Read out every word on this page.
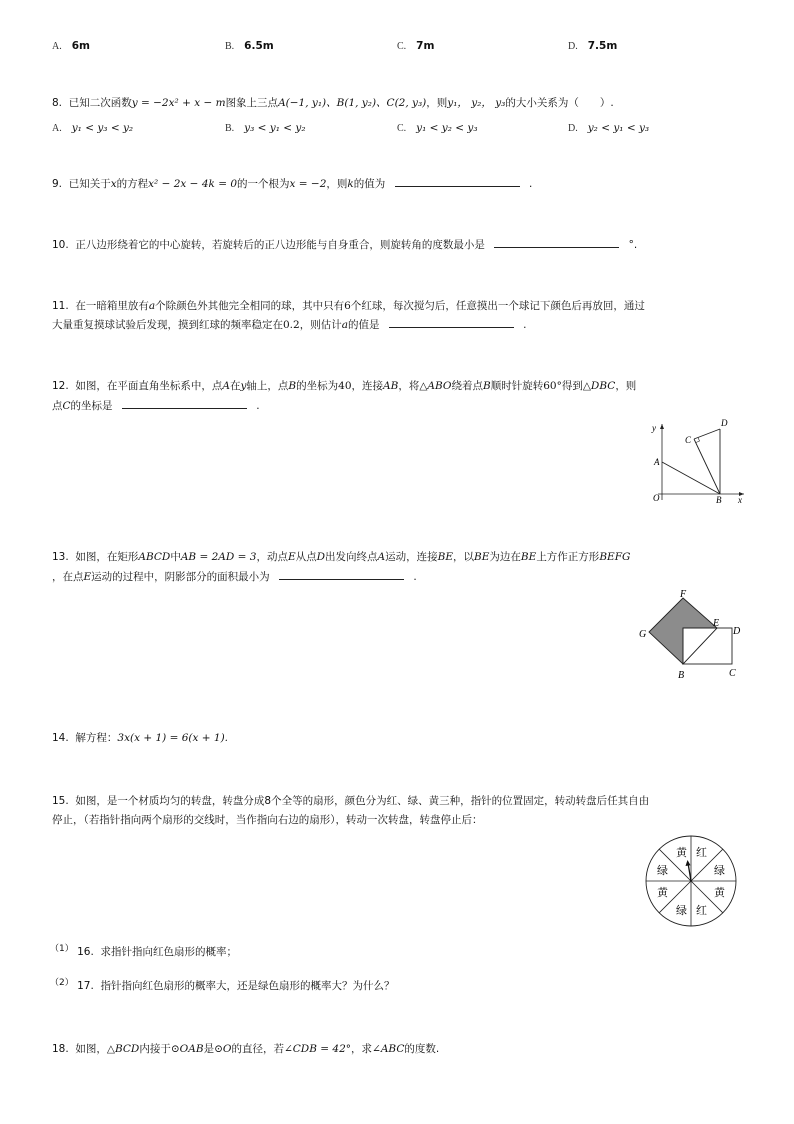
A. 6m	B. 6.5m	C. 7m	D. 7.5m
8. 已知二次函数y = −2x² + x − m图象上三点A(−1, y₁)、B(1, y₂)、C(2, y₃)，则y₁， y₂， y₃的大小关系为（　　）.
A. y₁ < y₃ < y₂	B. y₃ < y₁ < y₂	C. y₁ < y₂ < y₃	D. y₂ < y₁ < y₃
9. 已知关于x的方程x² − 2x − 4k = 0的一个根为x = −2，则k的值为	.
10. 正八边形绕着它的中心旋转，若旋转后的正八边形能与自身重合，则旋转角的度数最小是	°.
11. 在一暗箱里放有a个除颜色外其他完全相同的球，其中只有6个红球，每次搅匀后，任意摸出一个球记下颜色后再放回，通过
大量重复摸球试验后发现，摸到红球的频率稳定在0.2，则估计a的值是	.
12. 如图，在平面直角坐标系中，点A在y轴上，点B的坐标为40，连接AB，将△ABO绕着点B顺时针旋转60°得到△DBC，则
点C的坐标是	.
y
x
O
A
B
C
D
13. 如图，在矩形ABCD中AB = 2AD = 3，动点E从点D出发向终点A运动，连接BE，以BE为边在BE上方作正方形BEFG
，在点E运动的过程中，阴影部分的面积最小为	.
F
G
E
D
B	C
14. 解方程：3x(x + 1) = 6(x + 1).
15. 如图，是一个材质均匀的转盘，转盘分成8个全等的扇形，颜色分为红、绿、黄三种，指针的位置固定，转动转盘后任其自由
停止，（若指针指向两个扇形的交线时，当作指向右边的扇形），转动一次转盘，转盘停止后：
黄 红
绿
黄
红
绿
黄
绿
（1） 16. 求指针指向红色扇形的概率；
（2） 17. 指针指向红色扇形的概率大，还是绿色扇形的概率大？为什么？
18. 如图，△BCD内接于⊙OAB是⊙O的直径，若∠CDB = 42°，求∠ABC的度数.
